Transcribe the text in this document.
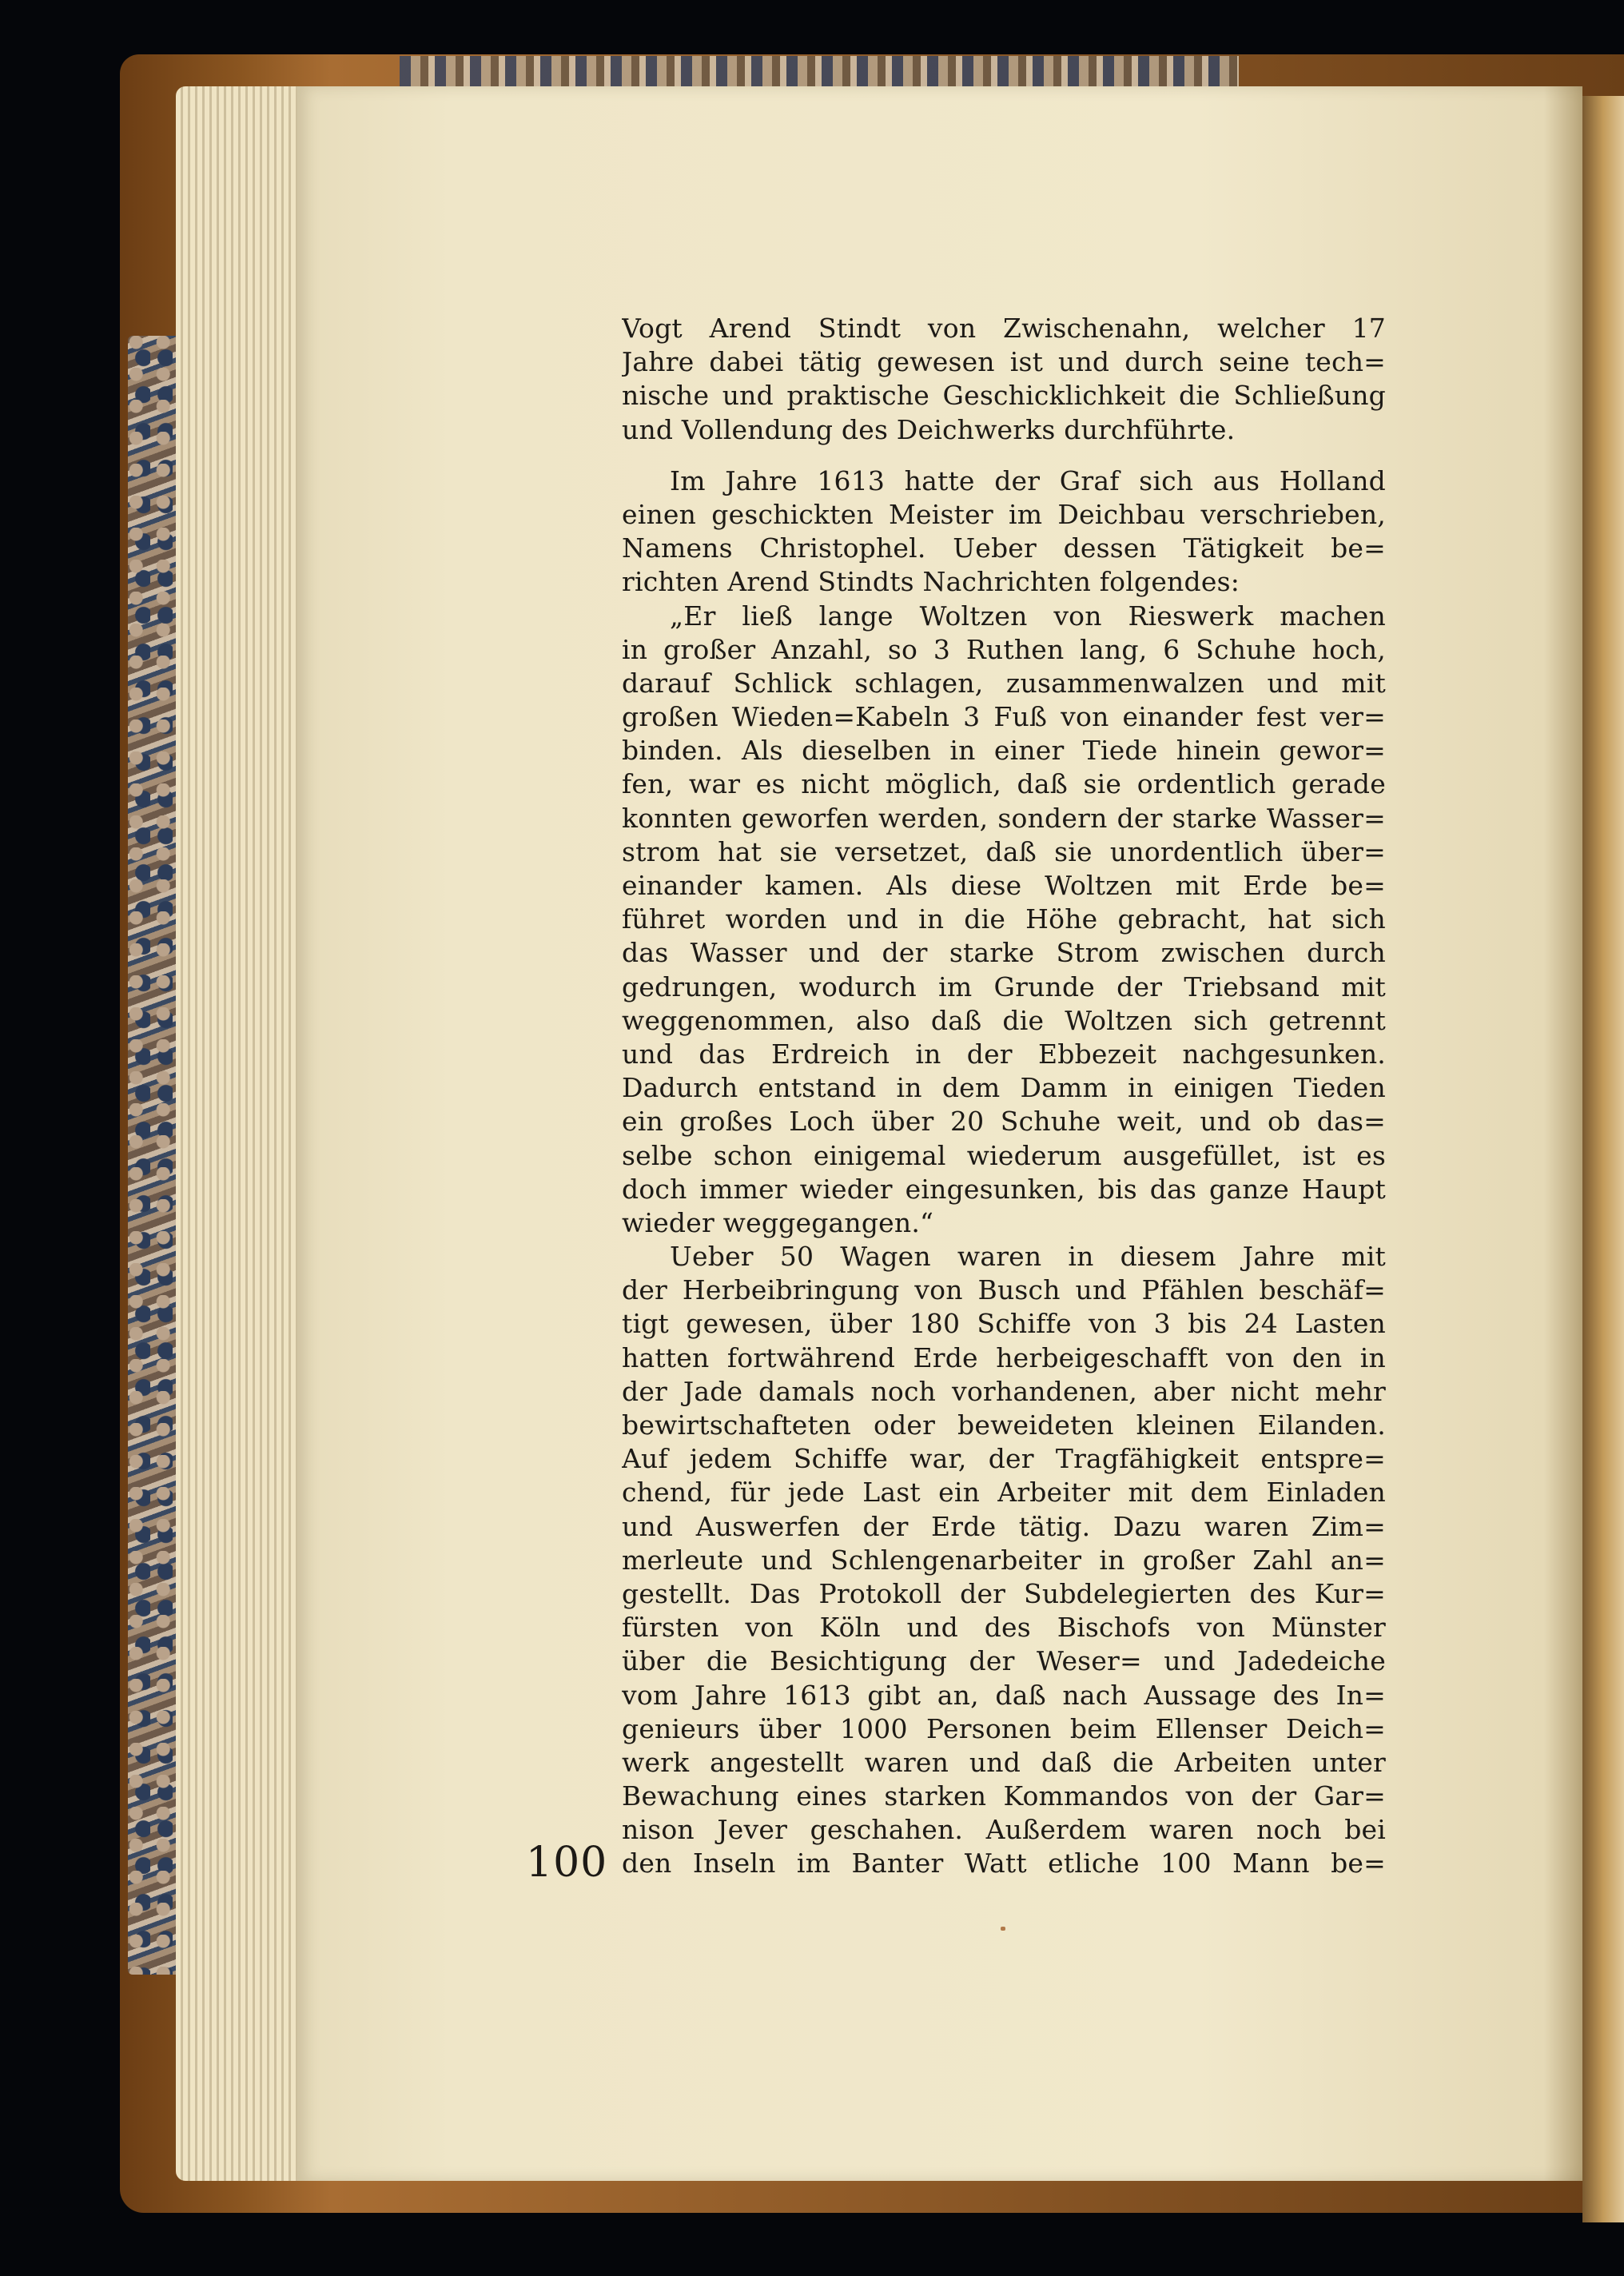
Vogt Arend Stindt von Zwischenahn, welcher 17
Jahre dabei tätig gewesen ist und durch seine tech=
nische und praktische Geschicklichkeit die Schließung
und Vollendung des Deichwerks durchführte.
Im Jahre 1613 hatte der Graf sich aus Holland
einen geschickten Meister im Deichbau verschrieben,
Namens Christophel. Ueber dessen Tätigkeit be=
richten Arend Stindts Nachrichten folgendes:
„Er ließ lange Woltzen von Rieswerk machen
in großer Anzahl, so 3 Ruthen lang, 6 Schuhe hoch,
darauf Schlick schlagen, zusammenwalzen und mit
großen Wieden=Kabeln 3 Fuß von einander fest ver=
binden. Als dieselben in einer Tiede hinein gewor=
fen, war es nicht möglich, daß sie ordentlich gerade
konnten geworfen werden, sondern der starke Wasser=
strom hat sie versetzet, daß sie unordentlich über=
einander kamen. Als diese Woltzen mit Erde be=
führet worden und in die Höhe gebracht, hat sich
das Wasser und der starke Strom zwischen durch
gedrungen, wodurch im Grunde der Triebsand mit
weggenommen, also daß die Woltzen sich getrennt
und das Erdreich in der Ebbezeit nachgesunken.
Dadurch entstand in dem Damm in einigen Tieden
ein großes Loch über 20 Schuhe weit, und ob das=
selbe schon einigemal wiederum ausgefüllet, ist es
doch immer wieder eingesunken, bis das ganze Haupt
wieder weggegangen.“
Ueber 50 Wagen waren in diesem Jahre mit
der Herbeibringung von Busch und Pfählen beschäf=
tigt gewesen, über 180 Schiffe von 3 bis 24 Lasten
hatten fortwährend Erde herbeigeschafft von den in
der Jade damals noch vorhandenen, aber nicht mehr
bewirtschafteten oder beweideten kleinen Eilanden.
Auf jedem Schiffe war, der Tragfähigkeit entspre=
chend, für jede Last ein Arbeiter mit dem Einladen
und Auswerfen der Erde tätig. Dazu waren Zim=
merleute und Schlengenarbeiter in großer Zahl an=
gestellt. Das Protokoll der Subdelegierten des Kur=
fürsten von Köln und des Bischofs von Münster
über die Besichtigung der Weser= und Jadedeiche
vom Jahre 1613 gibt an, daß nach Aussage des In=
genieurs über 1000 Personen beim Ellenser Deich=
werk angestellt waren und daß die Arbeiten unter
Bewachung eines starken Kommandos von der Gar=
nison Jever geschahen. Außerdem waren noch bei
den Inseln im Banter Watt etliche 100 Mann be=
100
